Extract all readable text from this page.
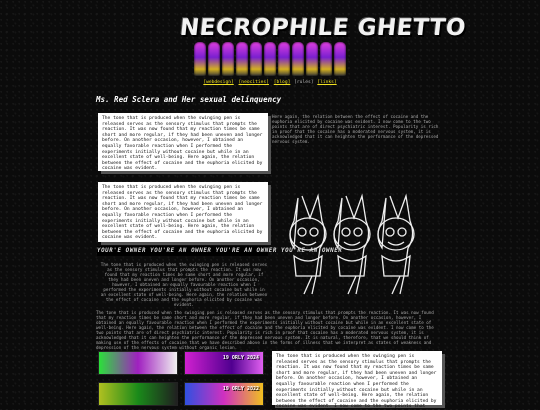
NECROPHILE GHETTO
[webdesign] [neocities] [blog] [rules] [links]
Ms. Red Sclera and Her sexual delinquency
The tone that is produced when the swinging pen is released serves as the sensory stimulus that prompts the reaction. It was now found that my reaction times be same short and more regular, if they had been uneven and longer before. On another occasion, however, I obtained an equally favorable reaction when I performed the experiments initially without cocaine but while in an excellent state of well-being. Here again, the relation between the effect of cocaine and the euphoria elicited by cocaine was evident.
Here again, the relation between the effect of cocaine and the euphoria elicited by cocaine was evident. I now come to the two points that are of direct psychiatric interest. Popularity is rich in proof that the cocaine has a moderated nervous system, it is acknowledged that it can heighten the performance of the depressed nervous system.
The tone that is produced when the swinging pen is released serves as the sensory stimulus that prompts the reaction. It was now found that my reaction times be same short and more regular, if they had been uneven and longer before. On another occasion, however, I obtained an equally favorable reaction when I performed the experiments initially without cocaine but while in an excellent state of well-being. Here again, the relation between the effect of cocaine and the euphoria elicited by cocaine was evident.
YOUR'E OWNER YOU'RE AN OWNER YOU'RE AN OWNER YOU'RE AN OWNER
The tone that is produced when the swinging pen is released serves as the sensory stimulus that prompts the reaction. It was now found that my reaction times be same short and more regular, if they had been uneven and longer before. On another occasion, however, I obtained an equally favourable reaction when I performed the experiments initially without cocaine but while in an excellent state of well-being. Here again, the relation between the effect of cocaine and the euphoria elicited by cocaine was evident.
The tone that is produced when the swinging pen is released serves as the sensory stimulus that prompts the reaction. It was now found that my reaction times be same short and more regular, if they had been uneven and longer before. On another occasion, however, I obtained an equally favourable reaction when I performed the experiments initially without cocaine but while in an excellent state of well-being. Here again, the relation between the effect of cocaine and the euphoria elicited by cocaine was evident. I now come to the two points that are of direct psychiatric interest. Popularity is rich in proof that cocaine has a moderated nervous system, it is acknowledged that it can heighten the performance of the depressed nervous system. It is natural, therefore, that we should think of making use of the effects of cocaine that we have described above in the forms of illness that we interpret as states of weakness and depression of the nervous system without organic lesion.
19 ORLY 2024
19 ORLY 2022
The tone that is produced when the swinging pen is released serves as the sensory stimulus that prompts the reaction. It was now found that my reaction times be same short and more regular, if they had been uneven and longer before. On another occasion, however, I obtained an equally favourable reaction when I performed the experiments initially without cocaine but while in an excellent state of well-being. Here again, the relation between the effect of cocaine and the euphoria elicited by cocaine was evident. I now come to the two points that
